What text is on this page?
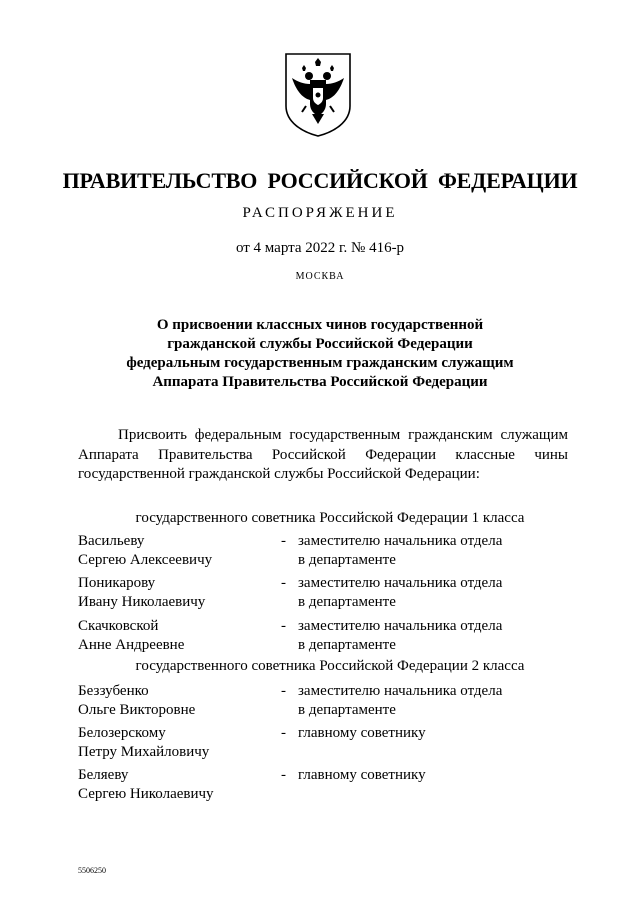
ПРАВИТЕЛЬСТВО РОССИЙСКОЙ ФЕДЕРАЦИИ
РАСПОРЯЖЕНИЕ
от 4 марта 2022 г. № 416-р
МОСКВА
О присвоении классных чинов государственной
гражданской службы Российской Федерации
федеральным государственным гражданским служащим
Аппарата Правительства Российской Федерации
Присвоить федеральным государственным гражданским служащим Аппарата Правительства Российской Федерации классные чины государственной гражданской службы Российской Федерации:
государственного советника Российской Федерации 1 класса
Васильеву
Сергею Алексеевичу
- заместителю начальника отдела
в департаменте
Поникарову
Ивану Николаевичу
- заместителю начальника отдела
в департаменте
Скачковской
Анне Андреевне
- заместителю начальника отдела
в департаменте
государственного советника Российской Федерации 2 класса
Беззубенко
Ольге Викторовне
- заместителю начальника отдела
в департаменте
Белозерскому
Петру Михайловичу
- главному советнику
Беляеву
Сергею Николаевичу
- главному советнику
5506250
